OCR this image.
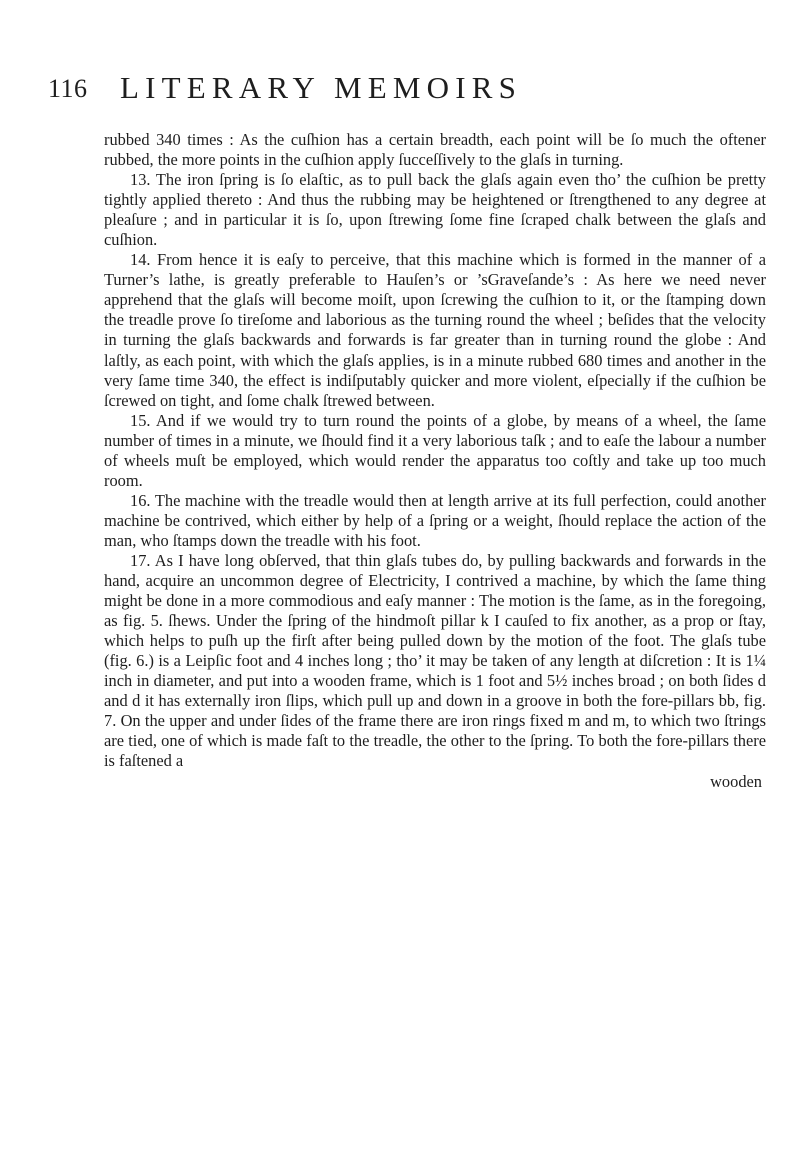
116 LITERARY MEMOIRS

rubbed 340 times : As the cuſhion has a certain breadth, each point will be ſo much the oftener rubbed, the more points in the cuſhion apply ſucceſſively to the glaſs in turning.

13. The iron ſpring is ſo elaſtic, as to pull back the glaſs again even tho’ the cuſhion be pretty tightly applied thereto : And thus the rubbing may be heightened or ſtrengthened to any degree at pleaſure ; and in particular it is ſo, upon ſtrewing ſome fine ſcraped chalk between the glaſs and cuſhion.

14. From hence it is eaſy to perceive, that this machine which is formed in the manner of a Turner’s lathe, is greatly preferable to Hauſen’s or ’sGraveſande’s : As here we need never apprehend that the glaſs will become moiſt, upon ſcrewing the cuſhion to it, or the ſtamping down the treadle prove ſo tireſome and laborious as the turning round the wheel ; beſides that the velocity in turning the glaſs backwards and forwards is far greater than in turning round the globe : And laſtly, as each point, with which the glaſs applies, is in a minute rubbed 680 times and another in the very ſame time 340, the effect is indiſputably quicker and more violent, eſpecially if the cuſhion be ſcrewed on tight, and ſome chalk ſtrewed between.

15. And if we would try to turn round the points of a globe, by means of a wheel, the ſame number of times in a minute, we ſhould find it a very laborious taſk ; and to eaſe the labour a number of wheels muſt be employed, which would render the apparatus too coſtly and take up too much room.

16. The machine with the treadle would then at length arrive at its full perfection, could another machine be contrived, which either by help of a ſpring or a weight, ſhould replace the action of the man, who ſtamps down the treadle with his foot.

17. As I have long obſerved, that thin glaſs tubes do, by pulling backwards and forwards in the hand, acquire an uncommon degree of Electricity, I contrived a machine, by which the ſame thing might be done in a more commodious and eaſy manner : The motion is the ſame, as in the foregoing, as fig. 5. ſhews. Under the ſpring of the hindmoſt pillar k I cauſed to fix another, as a prop or ſtay, which helps to puſh up the firſt after being pulled down by the motion of the foot. The glaſs tube (fig. 6.) is a Leipſic foot and 4 inches long ; tho’ it may be taken of any length at diſcretion : It is 1¼ inch in diameter, and put into a wooden frame, which is 1 foot and 5½ inches broad ; on both ſides d and d it has externally iron ſlips, which pull up and down in a groove in both the fore-pillars bb, fig. 7. On the upper and under ſides of the frame there are iron rings fixed m and m, to which two ſtrings are tied, one of which is made faſt to the treadle, the other to the ſpring. To both the fore-pillars there is faſtened a

wooden
